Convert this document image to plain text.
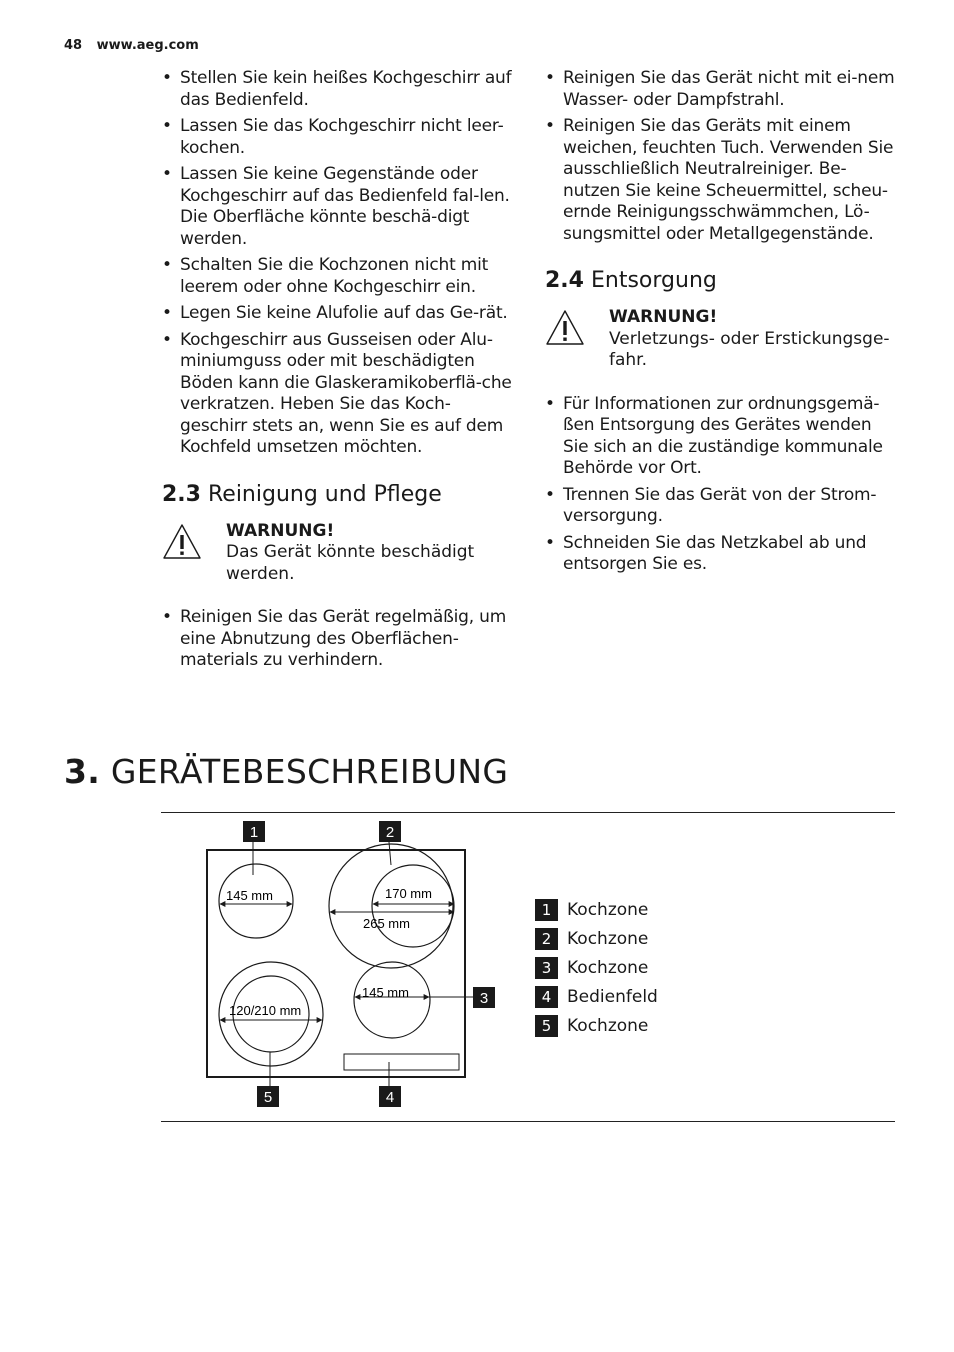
48 www.aeg.com
• Stellen Sie kein heißes Kochgeschirr auf das Bedienfeld.
• Lassen Sie das Kochgeschirr nicht leer-kochen.
• Lassen Sie keine Gegenstände oder Kochgeschirr auf das Bedienfeld fal-len. Die Oberfläche könnte beschä-digt werden.
• Schalten Sie die Kochzonen nicht mit leerem oder ohne Kochgeschirr ein.
• Legen Sie keine Alufolie auf das Ge-rät.
• Kochgeschirr aus Gusseisen oder Alu-miniumguss oder mit beschädigten Böden kann die Glaskeramikoberflä-che verkratzen. Heben Sie das Koch-geschirr stets an, wenn Sie es auf dem Kochfeld umsetzen möchten.
2.3 Reinigung und Pflege
WARNUNG!
Das Gerät könnte beschädigt werden.
• Reinigen Sie das Gerät regelmäßig, um eine Abnutzung des Oberflächen-materials zu verhindern.
• Reinigen Sie das Gerät nicht mit ei-nem Wasser- oder Dampfstrahl.
• Reinigen Sie das Geräts mit einem weichen, feuchten Tuch. Verwenden Sie ausschließlich Neutralreiniger. Be-nutzen Sie keine Scheuermittel, scheu-ernde Reinigungsschwämmchen, Lö-sungsmittel oder Metallgegenstände.
2.4 Entsorgung
WARNUNG!
Verletzungs- oder Erstickungsge-fahr.
• Für Informationen zur ordnungsgemä-ßen Entsorgung des Gerätes wenden Sie sich an die zuständige kommunale Behörde vor Ort.
• Trennen Sie das Gerät von der Strom-versorgung.
• Schneiden Sie das Netzkabel ab und entsorgen Sie es.
3. GERÄTEBESCHREIBUNG
145 mm	170 mm
265 mm
120/210 mm
145 mm
1	2
3
4
5
1 Kochzone
2 Kochzone
3 Kochzone
4 Bedienfeld
5 Kochzone
